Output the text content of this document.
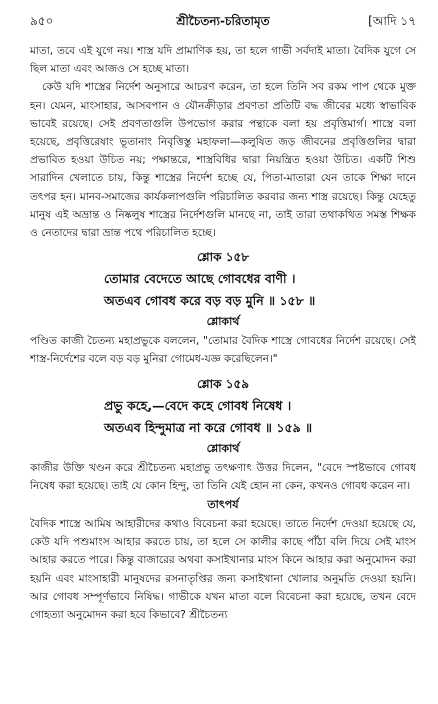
৯৫০	শ্রীচৈতন্য-চরিতামৃত	[আদি ১৭

মাতা, তবে এই যুগে নয়। শাস্ত্র যদি প্রামাণিক হয়, তা হলে গাভী সর্বদাই মাতা। বৈদিক যুগে সে ছিল মাতা এবং আজও সে হচ্ছে মাতা।

কেউ যদি শাস্ত্রের নির্দেশ অনুসারে আচরণ করেন, তা হলে তিনি সব রকম পাপ থেকে মুক্ত হন। যেমন, মাংসাহার, আসবপান ও যৌনক্রীড়ার প্রবণতা প্রতিটি বদ্ধ জীবের মধ্যে স্বাভাবিক ভাবেই রয়েছে। সেই প্রবণতাগুলি উপভোগ করার পন্থাকে বলা হয় প্রবৃত্তিমার্গ। শাস্ত্রে বলা হয়েছে, প্রবৃত্তিরেষাং ভূতানাং নিবৃত্তিস্তু মহাফলা—কলুষিত জড় জীবনের প্রবৃত্তিগুলির দ্বারা প্রভাবিত হওয়া উচিত নয়; পক্ষান্তরে, শাস্ত্রবিধির দ্বারা নিয়ন্ত্রিত হওয়া উচিত। একটি শিশু সারাদিন খেলাতে চায়, কিন্তু শাস্ত্রের নির্দেশ হচ্ছে যে, পিতা-মাতারা যেন তাকে শিক্ষা দানে তৎপর হন। মানব-সমাজের কার্যকলাপগুলি পরিচালিত করবার জন্য শাস্ত্র রয়েছে। কিন্তু যেহেতু মানুষ এই অভ্রান্ত ও নিষ্কলুষ শাস্ত্রের নির্দেশগুলি মানছে না, তাই তারা তথাকথিত সমস্ত শিক্ষক ও নেতাদের দ্বারা ভ্রান্ত পথে পরিচালিত হচ্ছে।

শ্লোক ১৫৮

তোমার বেদেতে আছে গোবধের বাণী ।

অতএব গোবধ করে বড় বড় মুনি ॥ ১৫৮ ॥

শ্লোকার্থ

পণ্ডিত কাজী চৈতন্য মহাপ্রভুকে বললেন, "তোমার বৈদিক শাস্ত্রে গোবধের নির্দেশ রয়েছে। সেই শাস্ত্র-নির্দেশের বলে বড় বড় মুনিরা গোমেধ-যজ্ঞ করেছিলেন।"

শ্লোক ১৫৯

প্রভু কহে,—বেদে কহে গোবধ নিষেধ ।

অতএব হিন্দুমাত্র না করে গোবধ ॥ ১৫৯ ॥

শ্লোকার্থ

কাজীর উক্তি খণ্ডন করে শ্রীচৈতন্য মহাপ্রভু তৎক্ষণাৎ উত্তর দিলেন, "বেদে স্পষ্টভাবে গোবধ নিষেধ করা হয়েছে। তাই যে কোন হিন্দু, তা তিনি যেই হোন না কেন, কখনও গোবধ করেন না।

তাৎপর্য

বৈদিক শাস্ত্রে আমিষ আহারীদের কথাও বিবেচনা করা হয়েছে। তাতে নির্দেশ দেওয়া হয়েছে যে, কেউ যদি পশুমাংস আহার করতে চায়, তা হলে সে কালীর কাছে পাঁঠা বলি দিয়ে সেই মাংস আহার করতে পারে। কিন্তু বাজারের অথবা কসাইখানার মাংস কিনে আহার করা অনুমোদন করা হয়নি এবং মাংসাহারী মানুষদের রসনাতৃপ্তির জন্য কসাইখানা খোলার অনুমতি দেওয়া হয়নি। আর গোবধ সম্পূর্ণভাবে নিষিদ্ধ। গাভীকে যখন মাতা বলে বিবেচনা করা হয়েছে, তখন বেদে গোহত্যা অনুমোদন করা হবে কিভাবে? শ্রীচৈতন্য
